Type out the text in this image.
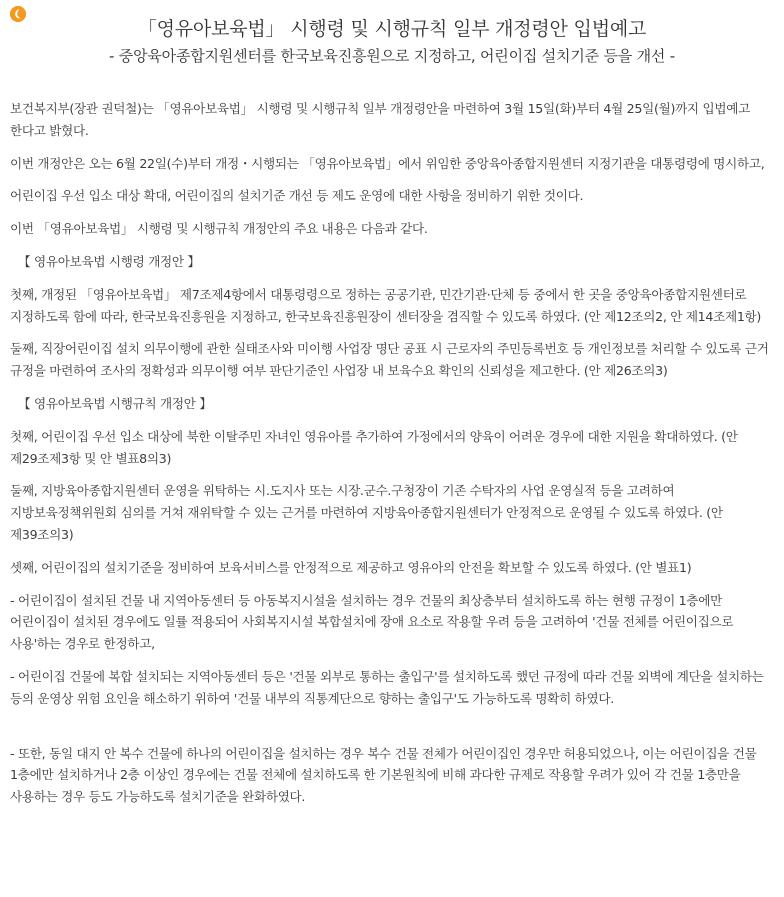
「영유아보육법」 시행령 및 시행규칙 일부 개정령안 입법예고
- 중앙육아종합지원센터를 한국보육진흥원으로 지정하고, 어린이집 설치기준 등을 개선 -

보건복지부(장관 권덕철)는 「영유아보육법」 시행령 및 시행규칙 일부 개정령안을 마련하여 3월 15일(화)부터 4월 25일(월)까지 입법예고 한다고 밝혔다.

이번 개정안은 오는 6월 22일(수)부터 개정・시행되는 「영유아보육법」에서 위임한 중앙육아종합지원센터 지정기관을 대통령령에 명시하고,

어린이집 우선 입소 대상 확대, 어린이집의 설치기준 개선 등 제도 운영에 대한 사항을 정비하기 위한 것이다.

이번 「영유아보육법」 시행령 및 시행규칙 개정안의 주요 내용은 다음과 같다.

【 영유아보육법 시행령 개정안 】

첫째, 개정된 「영유아보육법」 제7조제4항에서 대통령령으로 정하는 공공기관, 민간기관·단체 등 중에서 한 곳을 중앙육아종합지원센터로 지정하도록 함에 따라, 한국보육진흥원을 지정하고, 한국보육진흥원장이 센터장을 겸직할 수 있도록 하였다. (안 제12조의2, 안 제14조제1항)

둘째, 직장어린이집 설치 의무이행에 관한 실태조사와 미이행 사업장 명단 공표 시 근로자의 주민등록번호 등 개인정보를 처리할 수 있도록 근거 규정을 마련하여 조사의 정확성과 의무이행 여부 판단기준인 사업장 내 보육수요 확인의 신뢰성을 제고한다. (안 제26조의3)

【 영유아보육법 시행규칙 개정안 】

첫째, 어린이집 우선 입소 대상에 북한 이탈주민 자녀인 영유아를 추가하여 가정에서의 양육이 어려운 경우에 대한 지원을 확대하였다. (안 제29조제3항 및 안 별표8의3)

둘째, 지방육아종합지원센터 운영을 위탁하는 시.도지사 또는 시장.군수.구청장이 기존 수탁자의 사업 운영실적 등을 고려하여 지방보육정책위원회 심의를 거쳐 재위탁할 수 있는 근거를 마련하여 지방육아종합지원센터가 안정적으로 운영될 수 있도록 하였다. (안 제39조의3)

셋째, 어린이집의 설치기준을 정비하여 보육서비스를 안정적으로 제공하고 영유아의 안전을 확보할 수 있도록 하였다. (안 별표1)

- 어린이집이 설치된 건물 내 지역아동센터 등 아동복지시설을 설치하는 경우 건물의 최상층부터 설치하도록 하는 현행 규정이 1층에만 어린이집이 설치된 경우에도 일률 적용되어 사회복지시설 복합설치에 장애 요소로 작용할 우려 등을 고려하여 '건물 전체를 어린이집으로 사용'하는 경우로 한정하고,

- 어린이집 건물에 복합 설치되는 지역아동센터 등은 '건물 외부로 통하는 출입구'를 설치하도록 했던 규정에 따라 건물 외벽에 계단을 설치하는 등의 운영상 위험 요인을 해소하기 위하여 '건물 내부의 직통계단으로 향하는 출입구'도 가능하도록 명확히 하였다.

- 또한, 동일 대지 안 복수 건물에 하나의 어린이집을 설치하는 경우 복수 건물 전체가 어린이집인 경우만 허용되었으나, 이는 어린이집을 건물 1층에만 설치하거나 2층 이상인 경우에는 건물 전체에 설치하도록 한 기본원칙에 비해 과다한 규제로 작용할 우려가 있어 각 건물 1층만을 사용하는 경우 등도 가능하도록 설치기준을 완화하였다.
